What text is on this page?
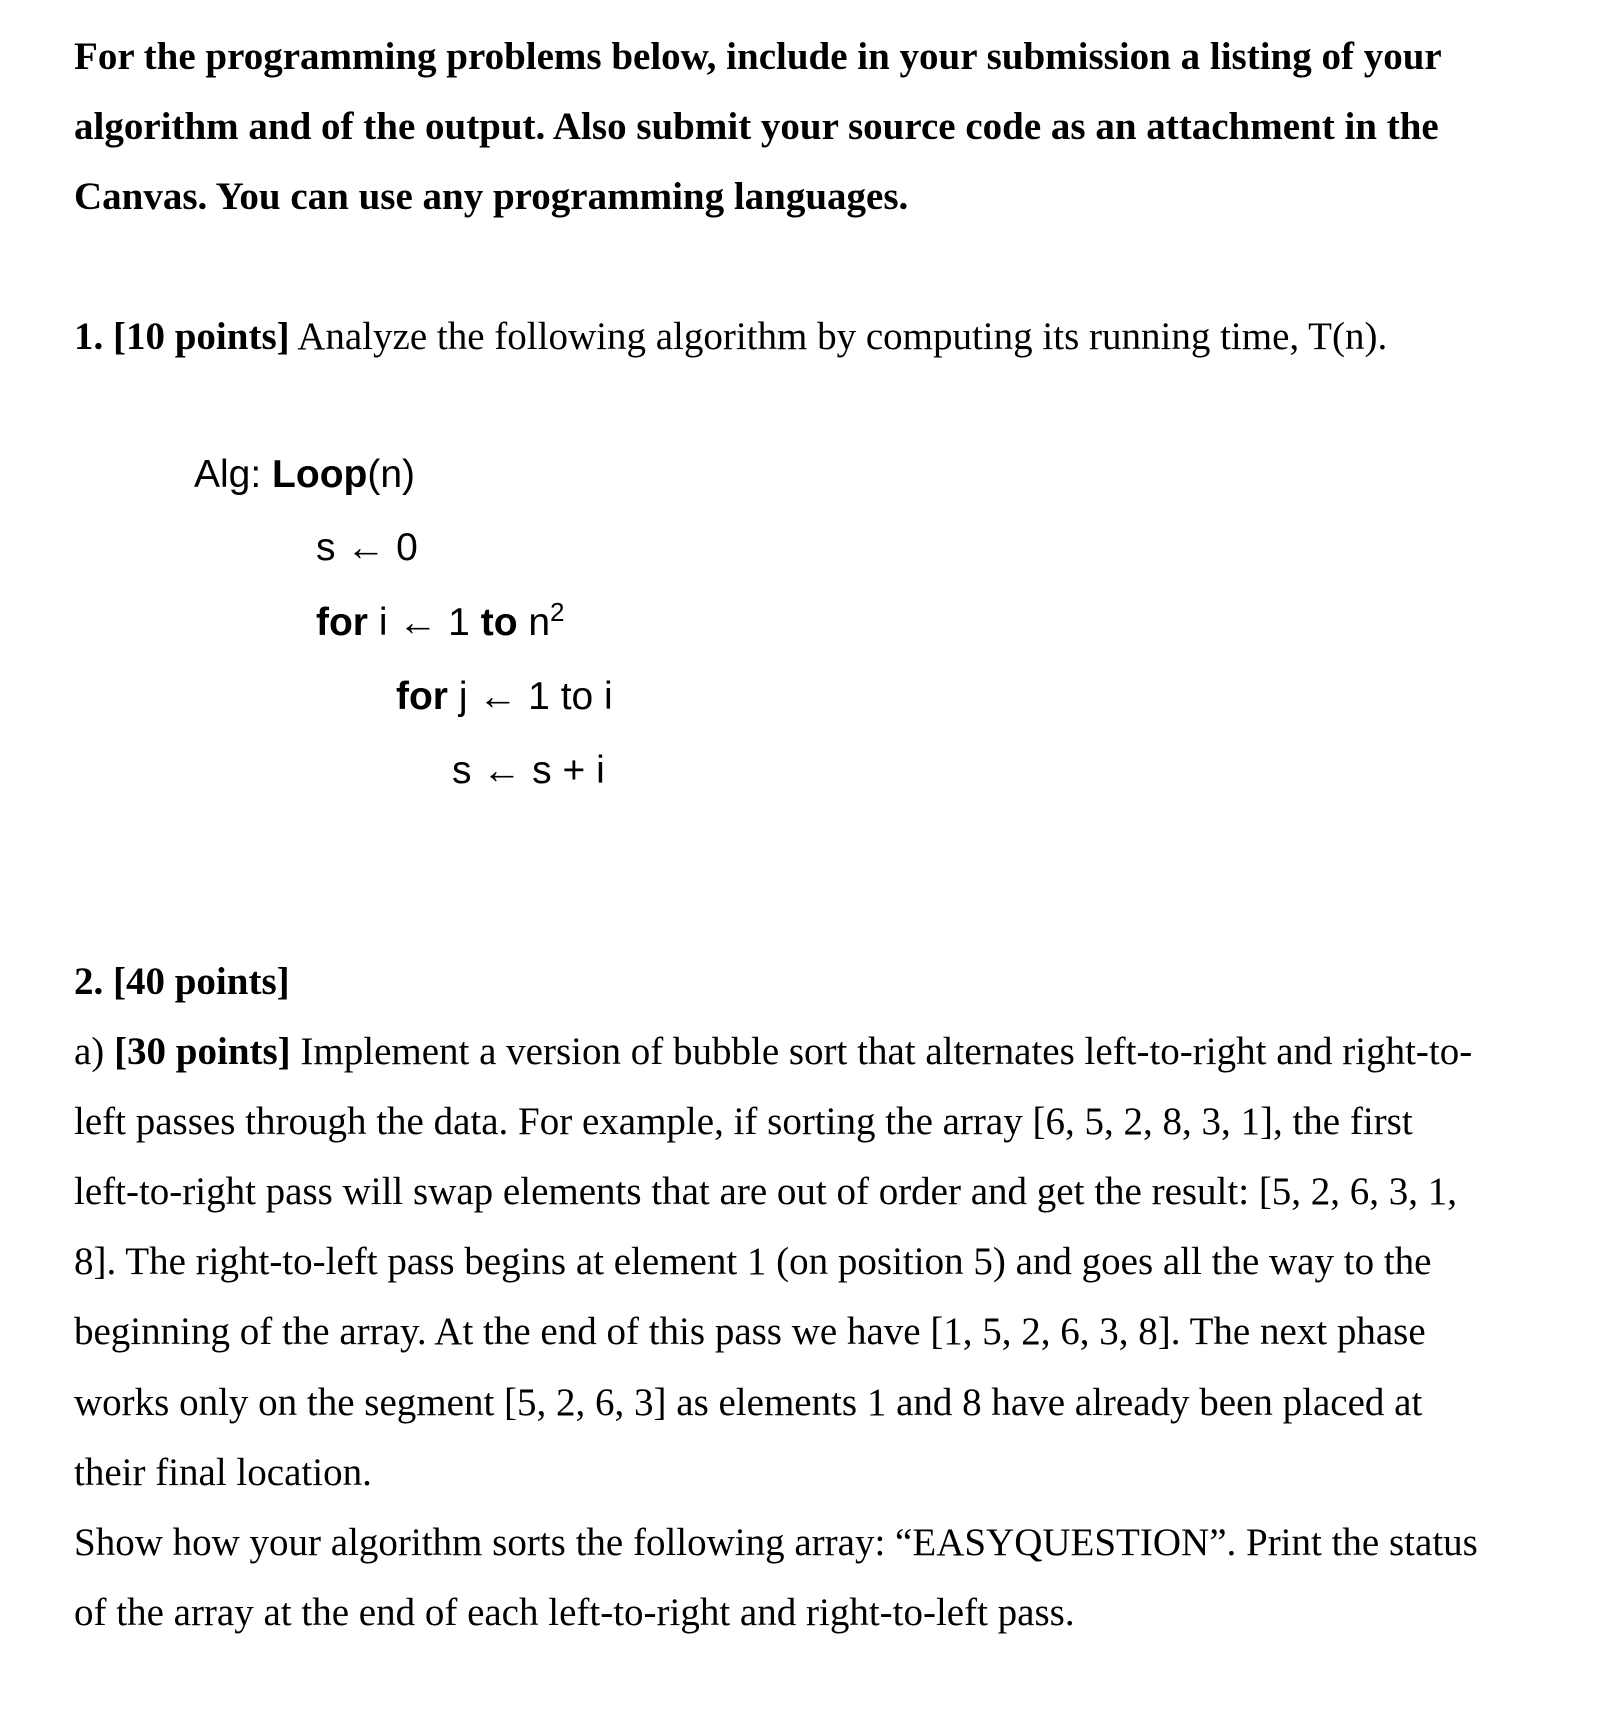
For the programming problems below, include in your submission a listing of your
algorithm and of the output. Also submit your source code as an attachment in the
Canvas. You can use any programming languages.
1. [10 points] Analyze the following algorithm by computing its running time, T(n).
Alg: Loop(n)
s ← 0
for i ← 1 to $n^2$
for j ← 1 to i
s ← s + i
2. [40 points]
a) [30 points] Implement a version of bubble sort that alternates left-to-right and right-to-
left passes through the data. For example, if sorting the array [6, 5, 2, 8, 3, 1], the first
left-to-right pass will swap elements that are out of order and get the result: [5, 2, 6, 3, 1,
8]. The right-to-left pass begins at element 1 (on position 5) and goes all the way to the
beginning of the array. At the end of this pass we have [1, 5, 2, 6, 3, 8]. The next phase
works only on the segment [5, 2, 6, 3] as elements 1 and 8 have already been placed at
their final location.
Show how your algorithm sorts the following array: “EASYQUESTION”. Print the status
of the array at the end of each left-to-right and right-to-left pass.
